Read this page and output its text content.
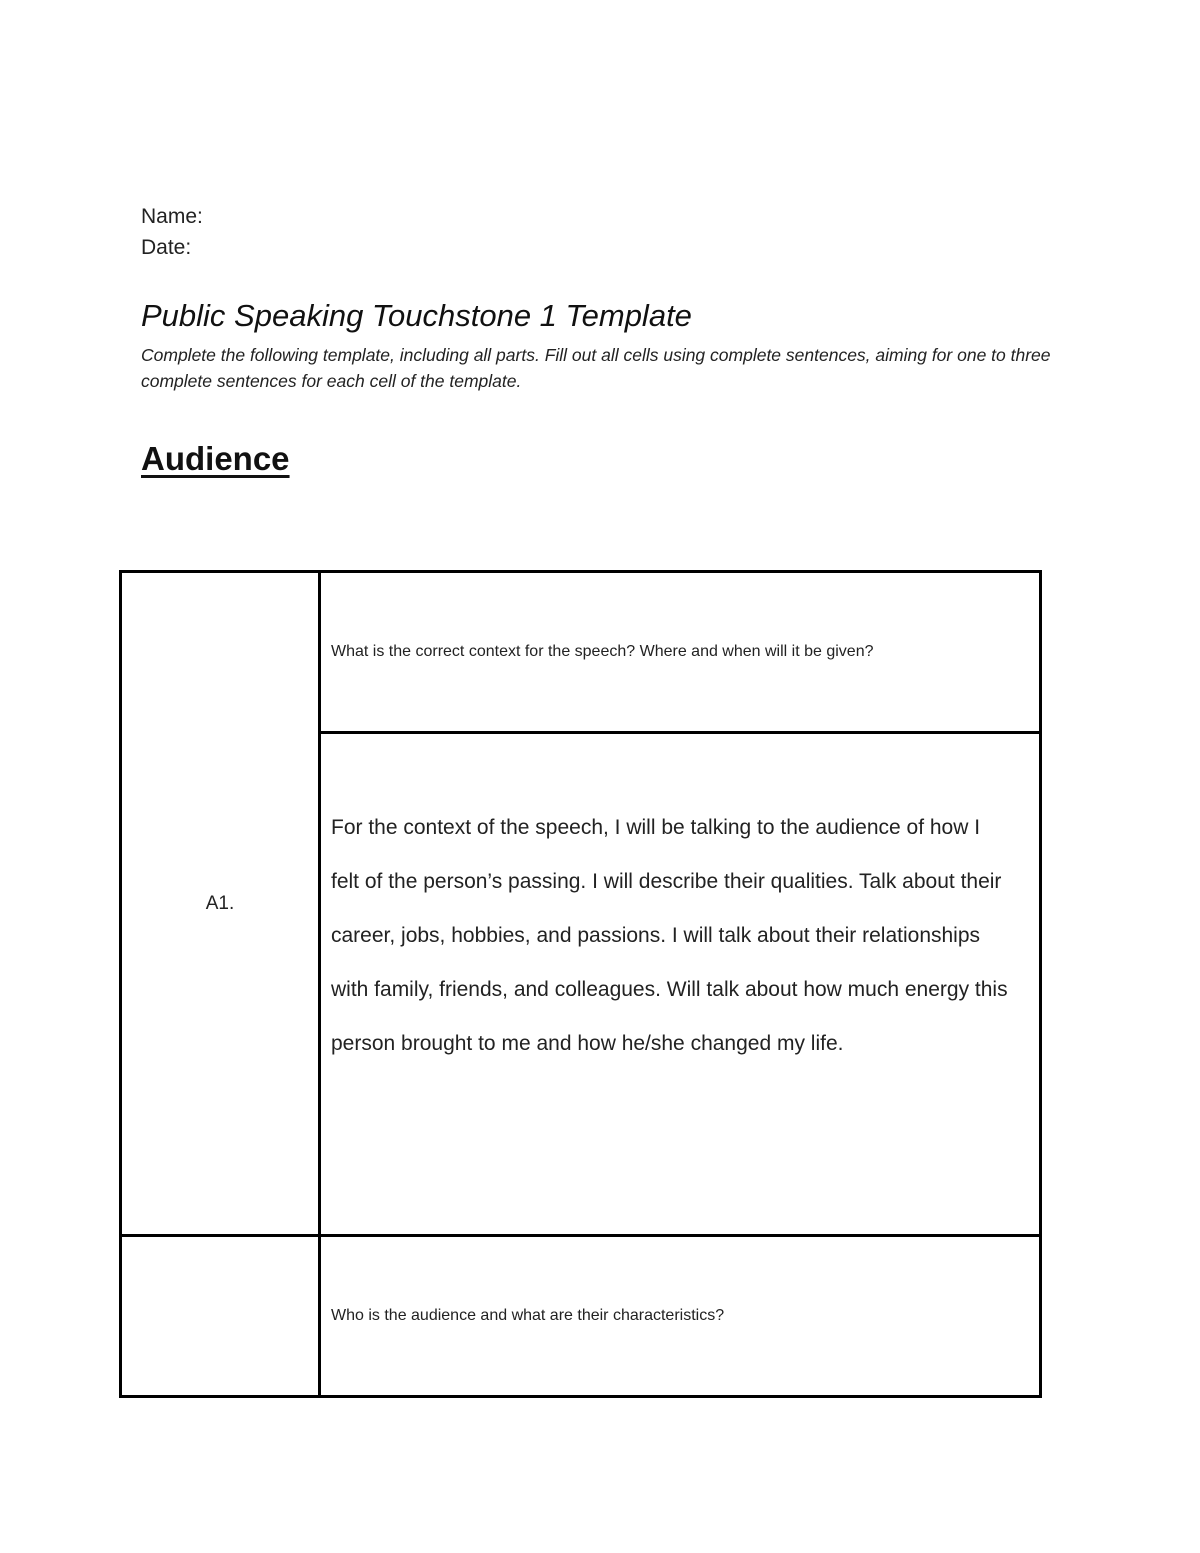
Name:
Date:
Public Speaking Touchstone 1 Template
Complete the following template, including all parts. Fill out all cells using complete sentences, aiming for one to three complete sentences for each cell of the template.
Audience
A1.	What is the correct context for the speech? Where and when will it be given?

	For the context of the speech, I will be talking to the audience of how I felt of the person’s passing. I will describe their qualities. Talk about their career, jobs, hobbies, and passions. I will talk about their relationships with family, friends, and colleagues. Will talk about how much energy this person brought to me and how he/she changed my life.

	Who is the audience and what are their characteristics?
